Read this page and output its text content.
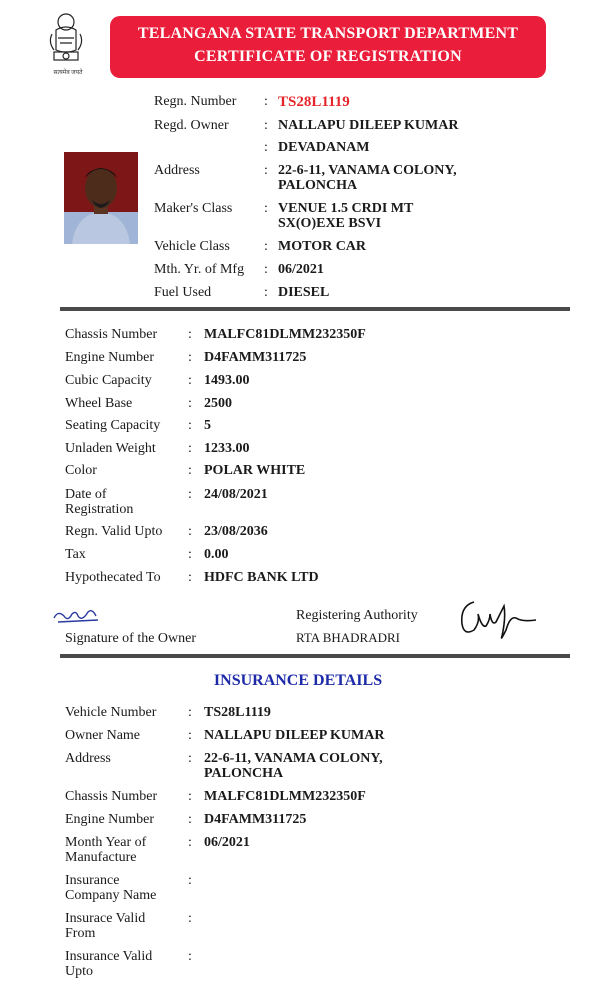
सत्यमेव जयते
TELANGANA STATE TRANSPORT DEPARTMENT
CERTIFICATE OF REGISTRATION
Regn. Number : TS28L1119
Regd. Owner	: NALLAPU DILEEP KUMAR
: DEVADANAM
Address	: 22-6-11, VANAMA COLONY,
PALONCHA
Maker's Class : VENUE 1.5 CRDI MT
SX(O)EXE BSVI
Vehicle Class : MOTOR CAR
Mth. Yr. of Mfg : 06/2021
Fuel Used	: DIESEL
Chassis Number : MALFC81DLMM232350F
Engine Number : D4FAMM311725
Cubic Capacity	: 1493.00
Wheel Base	: 2500
Seating Capacity : 5
Unladen Weight : 1233.00
Color	: POLAR WHITE
Date of	: 24/08/2021
Registration
Regn. Valid Upto : 23/08/2036
Tax	: 0.00
Hypothecated To : HDFC BANK LTD
Signature of the Owner
Registering Authority
RTA BHADRADRI
INSURANCE DETAILS
Vehicle Number : TS28L1119
Owner Name	: NALLAPU DILEEP KUMAR
Address	: 22-6-11, VANAMA COLONY,
PALONCHA
Chassis Number : MALFC81DLMM232350F
Engine Number : D4FAMM311725
Month Year of	: 06/2021
Manufacture
Insurance	:
Company Name
Insurace Valid	:
From
Insurance Valid	:
Upto
